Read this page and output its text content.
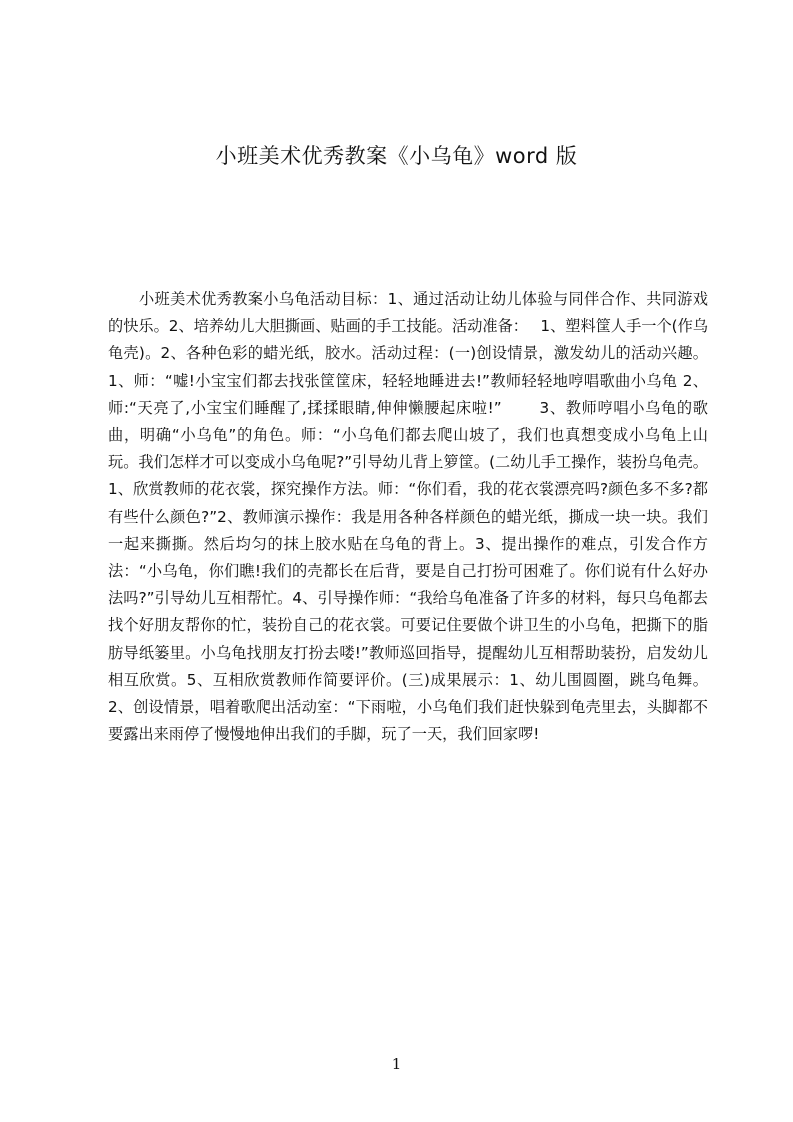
小班美术优秀教案《小乌龟》word 版

小班美术优秀教案小乌龟活动目标：1、通过活动让幼儿体验与同伴合作、共同游戏的快乐。2、培养幼儿大胆撕画、贴画的手工技能。活动准备：　 1、塑料筐人手一个(作乌龟壳)。2、各种色彩的蜡光纸，胶水。活动过程：(一)创设情景，激发幼儿的活动兴趣。1、师：“嘘!小宝宝们都去找张筐筐床，轻轻地睡进去!”教师轻轻地哼唱歌曲小乌龟 2、师:“天亮了,小宝宝们睡醒了,揉揉眼睛,伸伸懒腰起床啦!”　　 3、教师哼唱小乌龟的歌曲，明确“小乌龟”的角色。师：“小乌龟们都去爬山坡了，我们也真想变成小乌龟上山玩。我们怎样才可以变成小乌龟呢?”引导幼儿背上箩筐。(二幼儿手工操作，装扮乌龟壳。1、欣赏教师的花衣裳，探究操作方法。师：“你们看，我的花衣裳漂亮吗?颜色多不多?都有些什么颜色?”2、教师演示操作：我是用各种各样颜色的蜡光纸，撕成一块一块。我们一起来撕撕。然后均匀的抹上胶水贴在乌龟的背上。3、提出操作的难点，引发合作方法：“小乌龟，你们瞧!我们的壳都长在后背，要是自己打扮可困难了。你们说有什么好办法吗?”引导幼儿互相帮忙。4、引导操作师：“我给乌龟准备了许多的材料，每只乌龟都去找个好朋友帮你的忙，装扮自己的花衣裳。可要记住要做个讲卫生的小乌龟，把撕下的脂肪导纸篓里。小乌龟找朋友打扮去喽!”教师巡回指导，提醒幼儿互相帮助装扮，启发幼儿相互欣赏。5、互相欣赏教师作简要评价。(三)成果展示：1、幼儿围圆圈，跳乌龟舞。2、创设情景，唱着歌爬出活动室：“下雨啦，小乌龟们我们赶快躲到龟壳里去，头脚都不要露出来雨停了慢慢地伸出我们的手脚，玩了一天，我们回家啰!

1
